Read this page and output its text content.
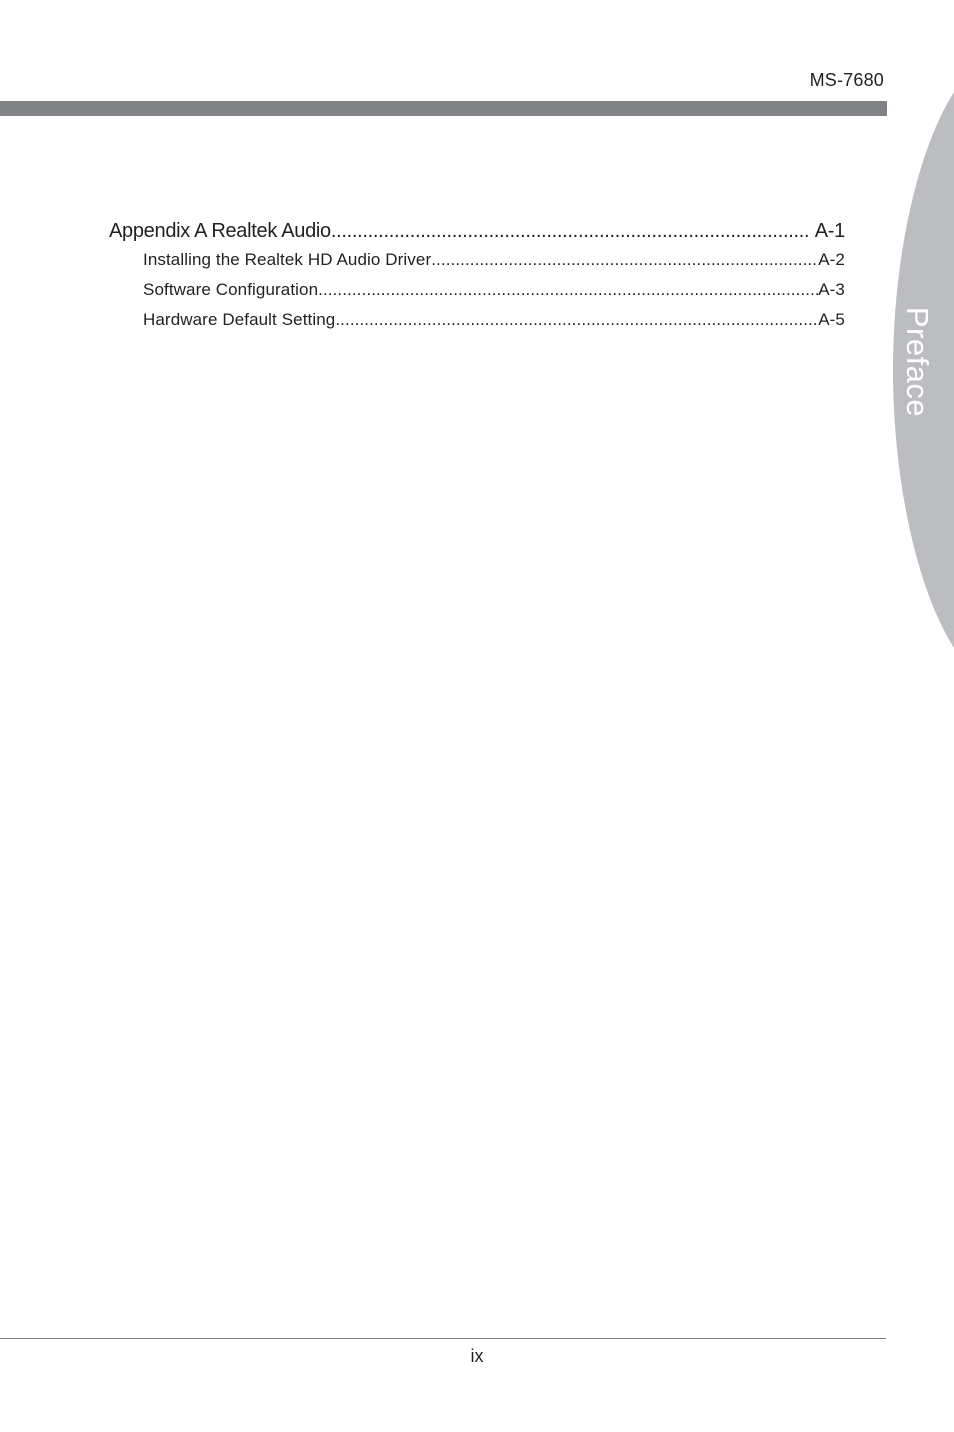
MS-7680
Preface
Appendix A Realtek Audio .....	A-1
Installing the Realtek HD Audio Driver .....	A-2
Software Configuration .....	A-3
Hardware Default Setting .....	A-5
ix
